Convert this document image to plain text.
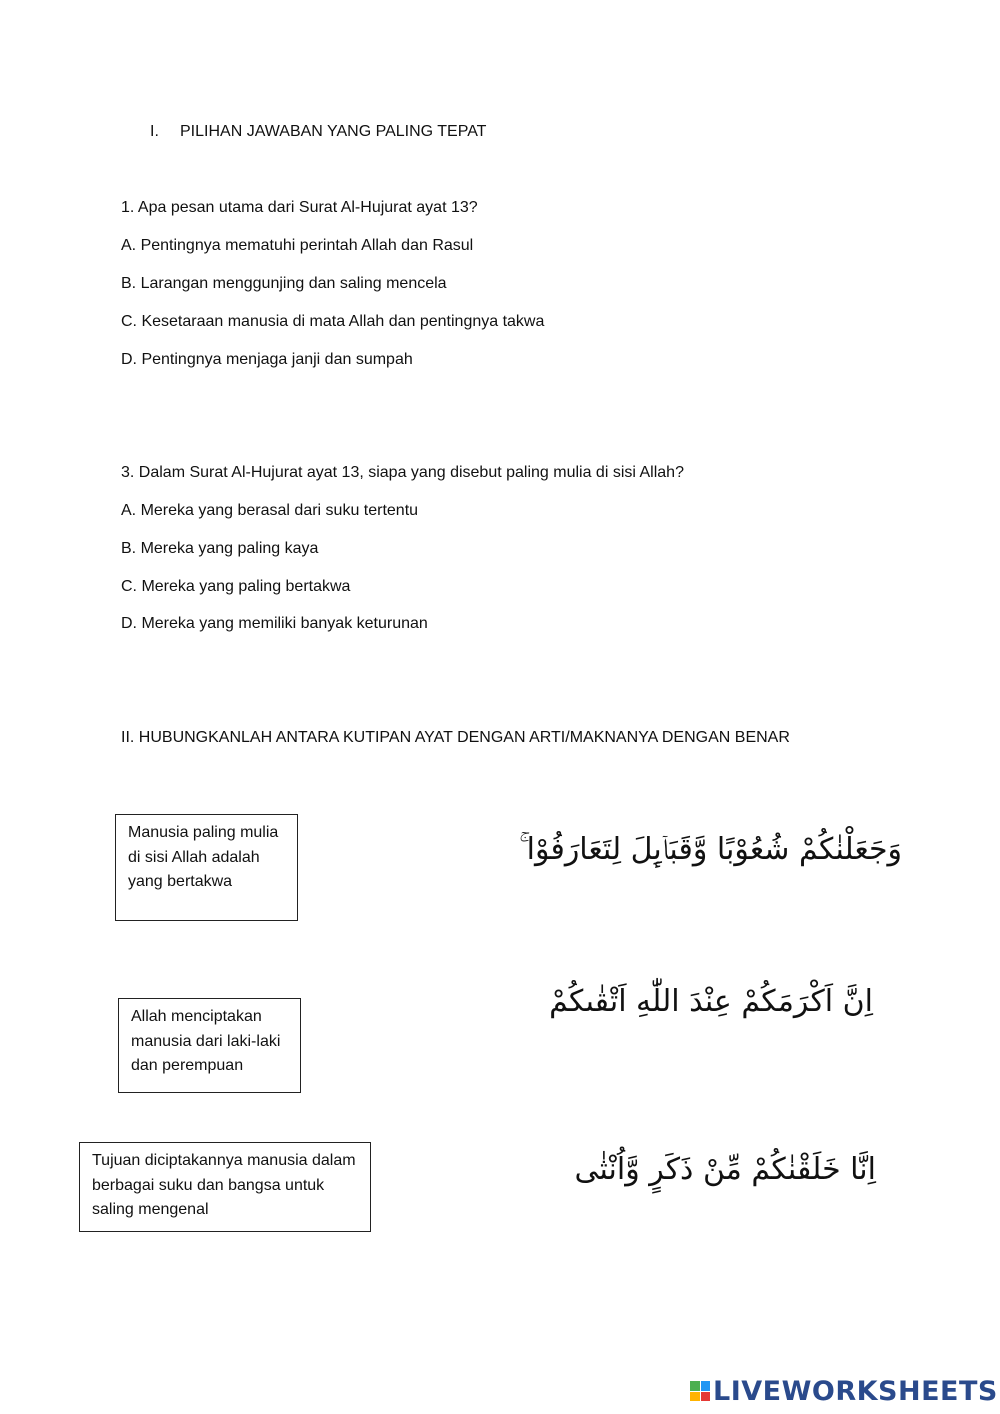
I. PILIHAN JAWABAN YANG PALING TEPAT
1. Apa pesan utama dari Surat Al-Hujurat ayat 13?
A. Pentingnya mematuhi perintah Allah dan Rasul
B. Larangan menggunjing dan saling mencela
C. Kesetaraan manusia di mata Allah dan pentingnya takwa
D. Pentingnya menjaga janji dan sumpah
3. Dalam Surat Al-Hujurat ayat 13, siapa yang disebut paling mulia di sisi Allah?
A. Mereka yang berasal dari suku tertentu
B. Mereka yang paling kaya
C. Mereka yang paling bertakwa
D. Mereka yang memiliki banyak keturunan
II. HUBUNGKANLAH ANTARA KUTIPAN AYAT DENGAN ARTI/MAKNANYA DENGAN BENAR
Manusia paling mulia di sisi Allah adalah yang bertakwa
Allah menciptakan manusia dari laki-laki dan perempuan
Tujuan diciptakannya manusia dalam berbagai suku dan bangsa untuk saling mengenal
وَجَعَلْنٰكُمْ شُعُوْبًا وَّقَبَاۤىِٕلَ لِتَعَارَفُوْا ۚ
اِنَّ اَكْرَمَكُمْ عِنْدَ اللّٰهِ اَتْقٰىكُمْ
اِنَّا خَلَقْنٰكُمْ مِّنْ ذَكَرٍ وَّاُنْثٰى
LIVEWORKSHEETS
